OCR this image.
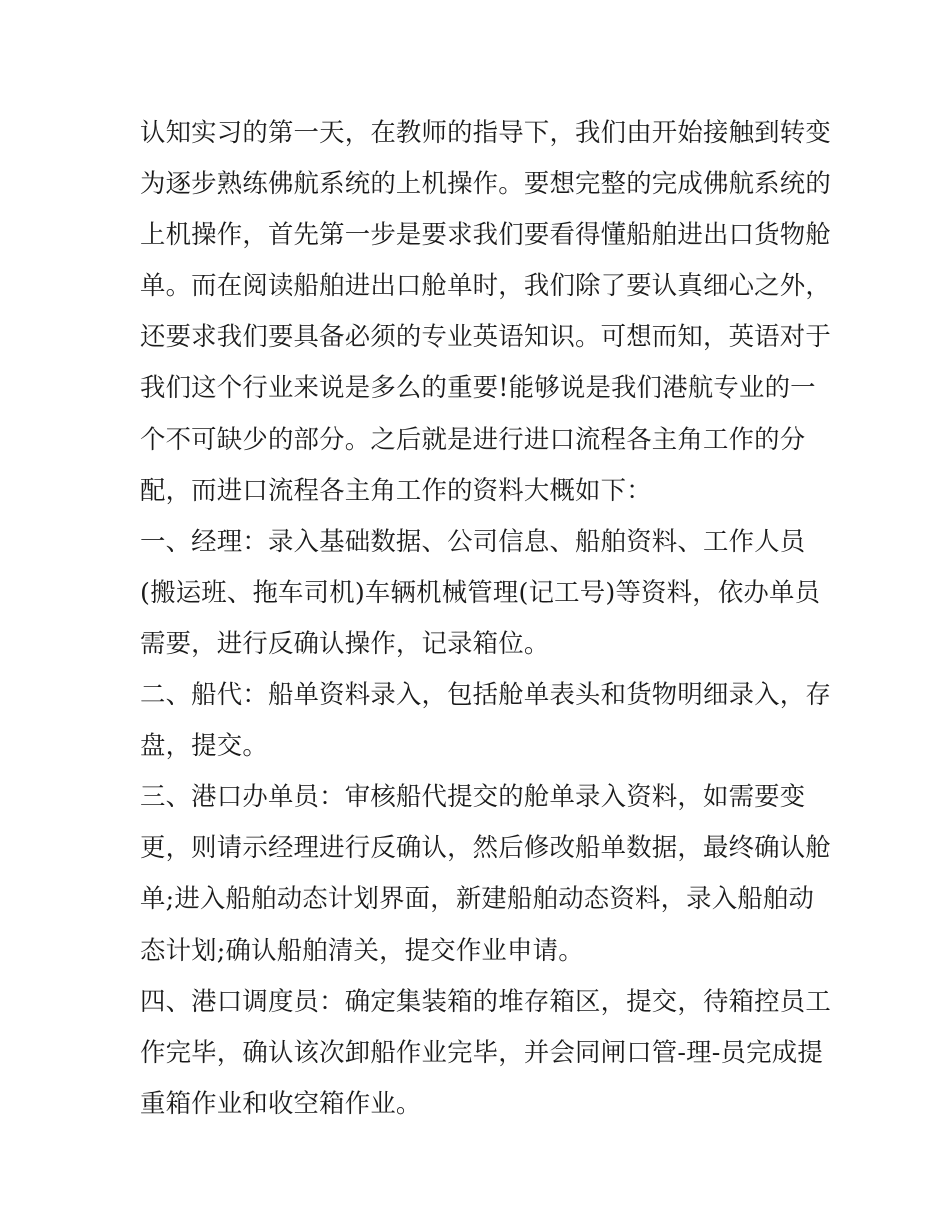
认知实习的第一天，在教师的指导下，我们由开始接触到转变
为逐步熟练佛航系统的上机操作。要想完整的完成佛航系统的
上机操作，首先第一步是要求我们要看得懂船舶进出口货物舱
单。而在阅读船舶进出口舱单时，我们除了要认真细心之外，
还要求我们要具备必须的专业英语知识。可想而知，英语对于
我们这个行业来说是多么的重要!能够说是我们港航专业的一
个不可缺少的部分。之后就是进行进口流程各主角工作的分
配，而进口流程各主角工作的资料大概如下：
一、经理：录入基础数据、公司信息、船舶资料、工作人员
(搬运班、拖车司机)车辆机械管理(记工号)等资料，依办单员
需要，进行反确认操作，记录箱位。
二、船代：船单资料录入，包括舱单表头和货物明细录入，存
盘，提交。
三、港口办单员：审核船代提交的舱单录入资料，如需要变
更，则请示经理进行反确认，然后修改船单数据，最终确认舱
单;进入船舶动态计划界面，新建船舶动态资料，录入船舶动
态计划;确认船舶清关，提交作业申请。
四、港口调度员：确定集装箱的堆存箱区，提交，待箱控员工
作完毕，确认该次卸船作业完毕，并会同闸口管-理-员完成提
重箱作业和收空箱作业。
